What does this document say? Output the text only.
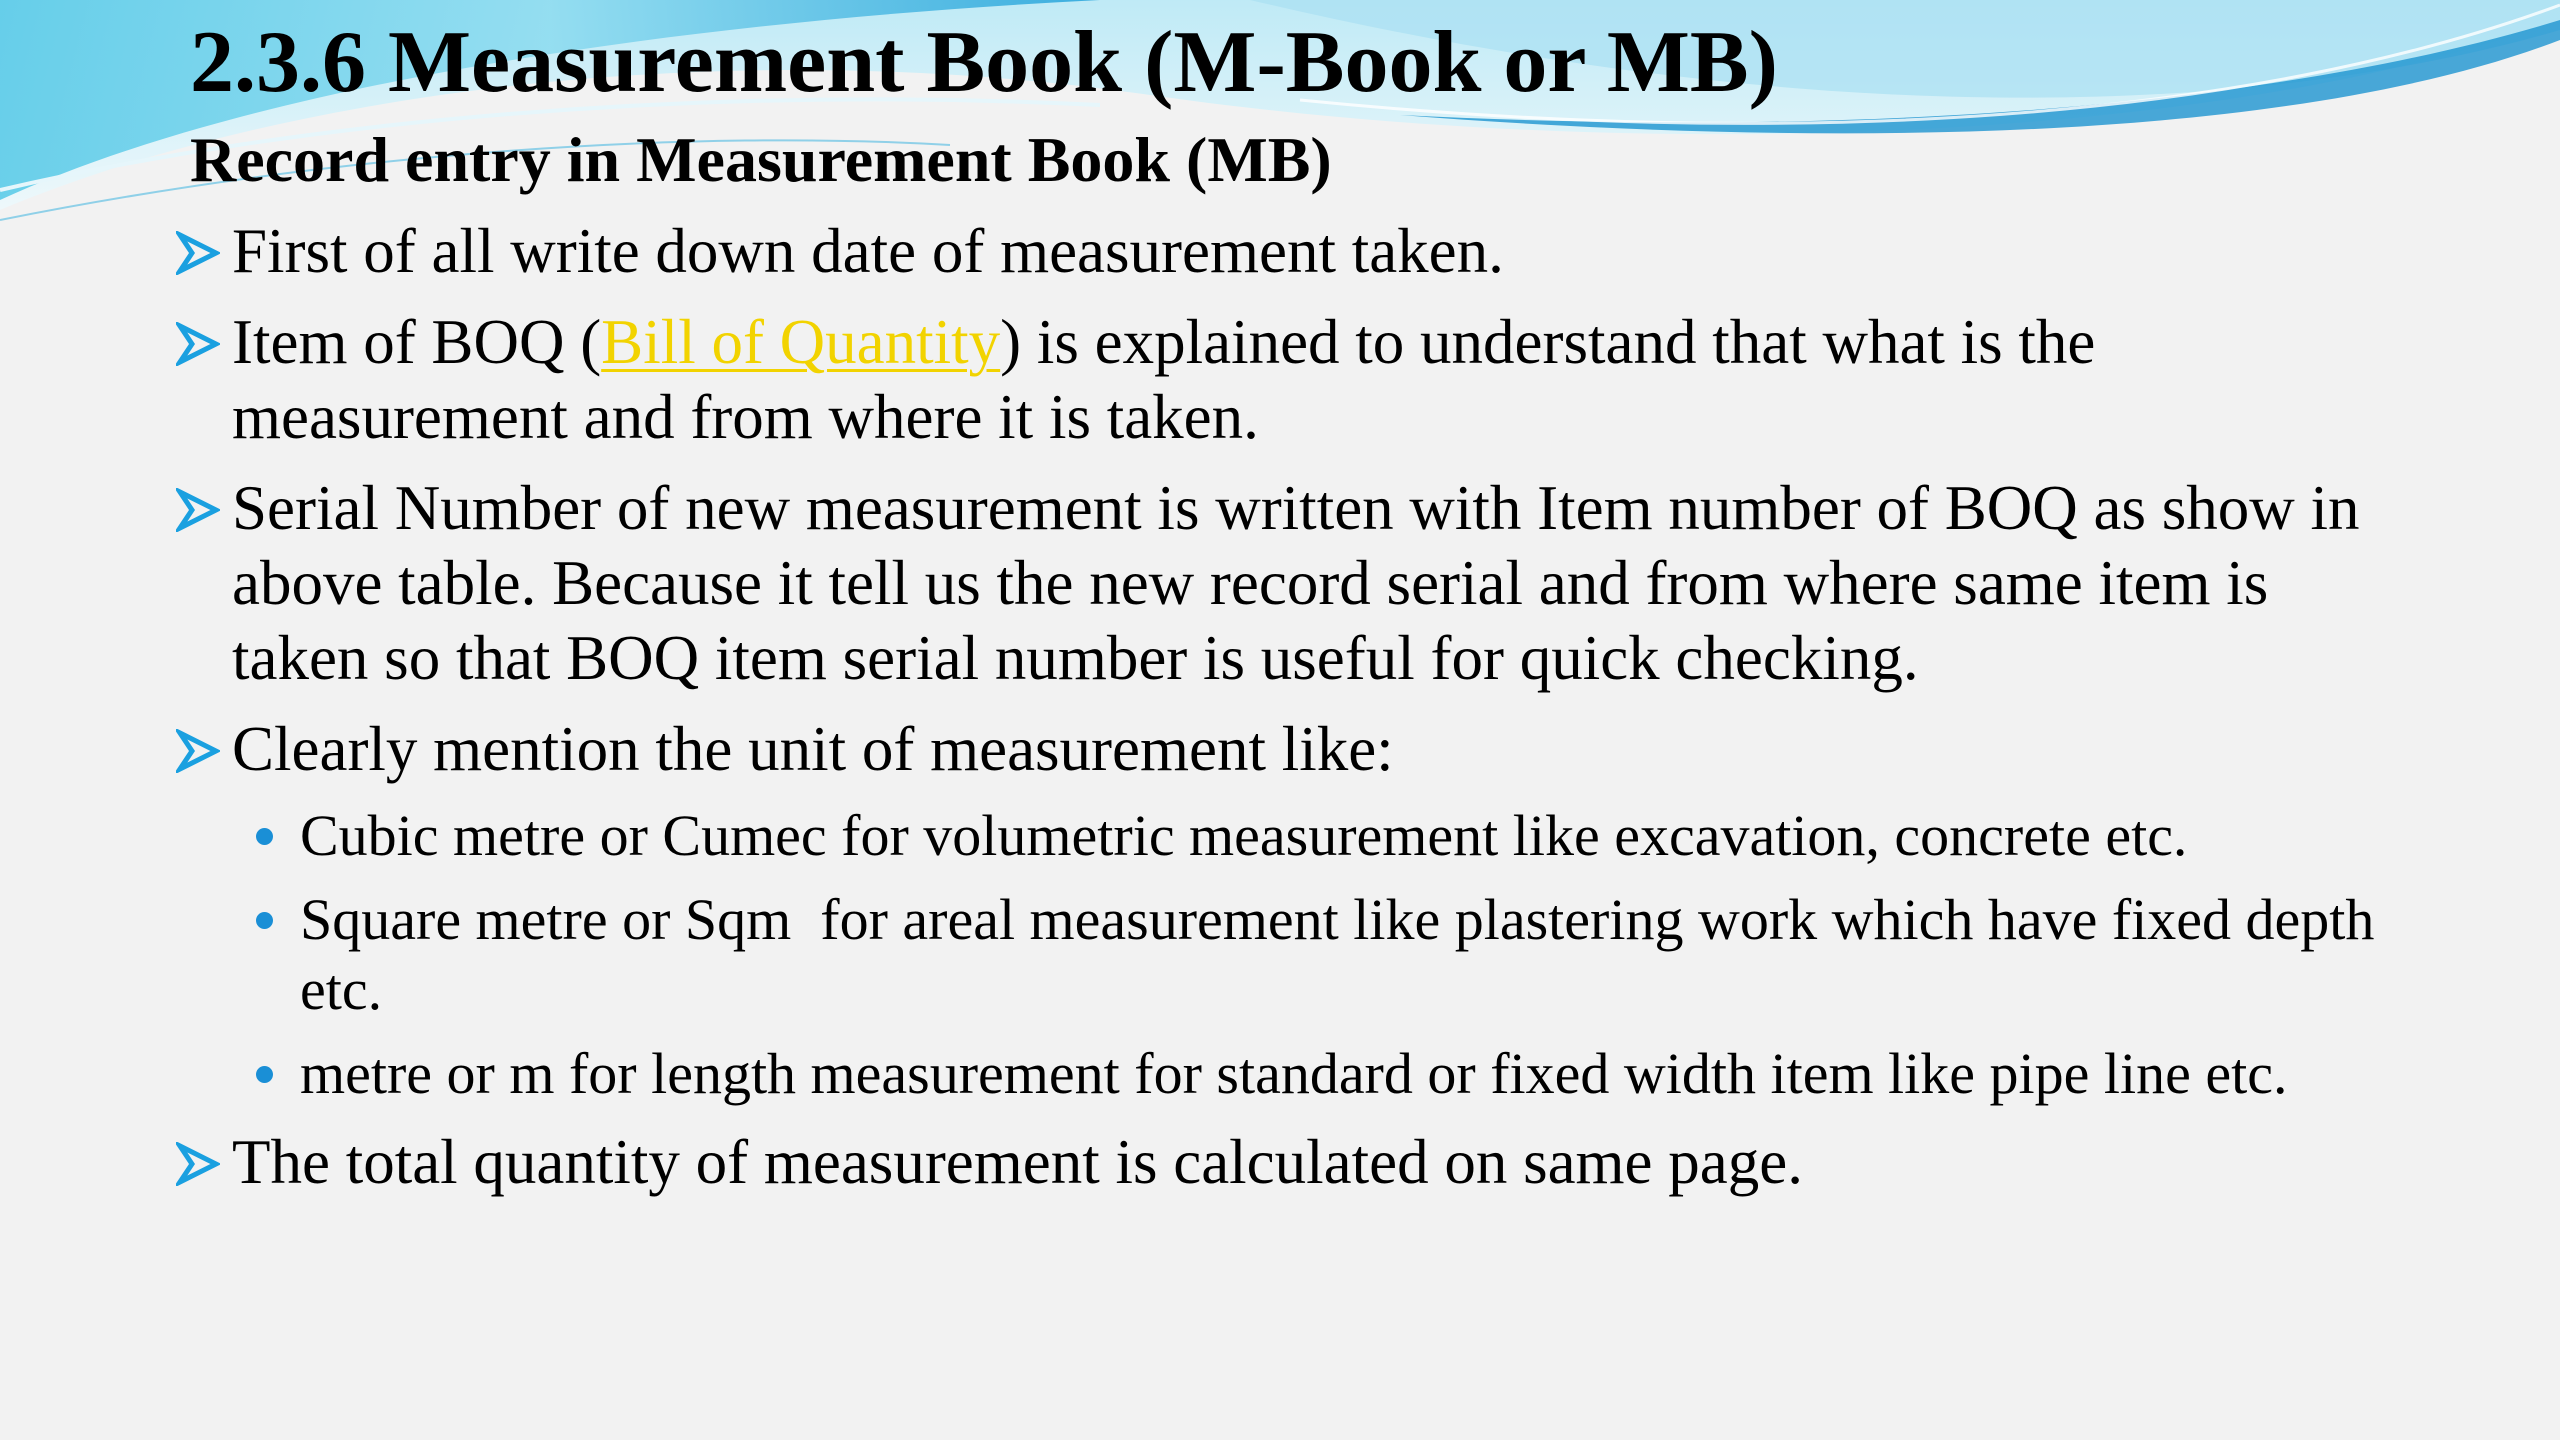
2.3.6 Measurement Book (M-Book or MB)
Record entry in Measurement Book (MB)
First of all write down date of measurement taken.
Item of BOQ (Bill of Quantity) is explained to understand that what is the measurement and from where it is taken.
Serial Number of new measurement is written with Item number of BOQ as show in above table. Because it tell us the new record serial and from where same item is taken so that BOQ item serial number is useful for quick checking.
Clearly mention the unit of measurement like:
Cubic metre or Cumec for volumetric measurement like excavation, concrete etc.
Square metre or Sqm  for areal measurement like plastering work which have fixed depth etc.
metre or m for length measurement for standard or fixed width item like pipe line etc.
The total quantity of measurement is calculated on same page.
